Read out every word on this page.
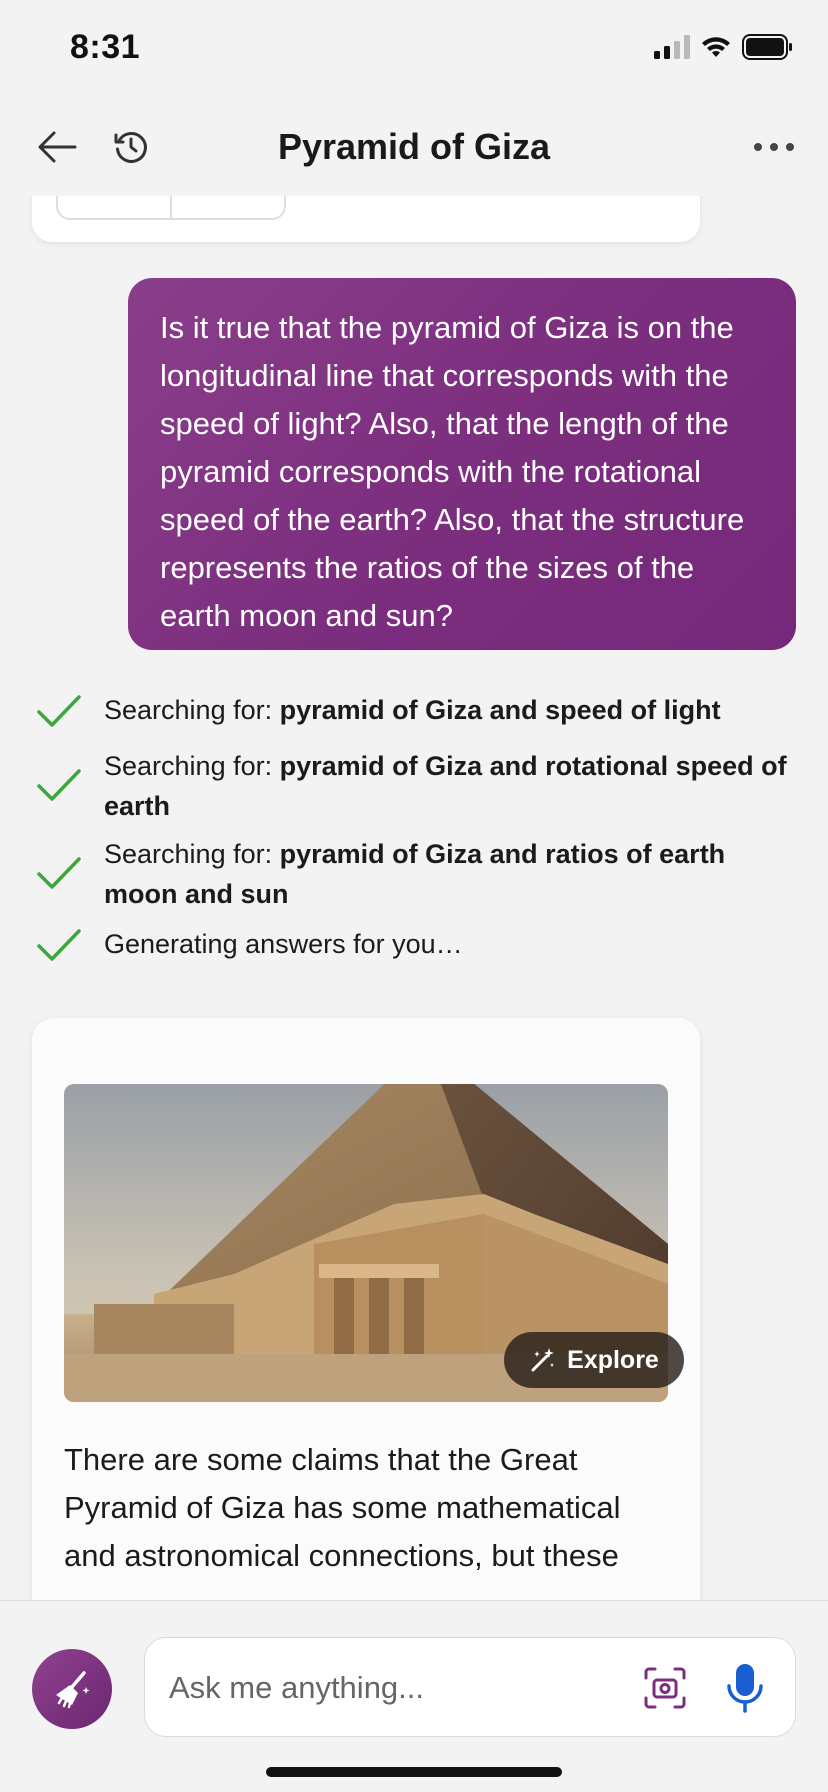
8:31
Pyramid of Giza

Is it true that the pyramid of Giza is on the longitudinal line that corresponds with the speed of light? Also, that the length of the pyramid corresponds with the rotational speed of the earth? Also, that the structure represents the ratios of the sizes of the earth moon and sun?

Searching for: pyramid of Giza and speed of light
Searching for: pyramid of Giza and rotational speed of earth
Searching for: pyramid of Giza and ratios of earth moon and sun
Generating answers for you…
Explore

There are some claims that the Great Pyramid of Giza has some mathematical and astronomical connections, but these

Ask me anything...
